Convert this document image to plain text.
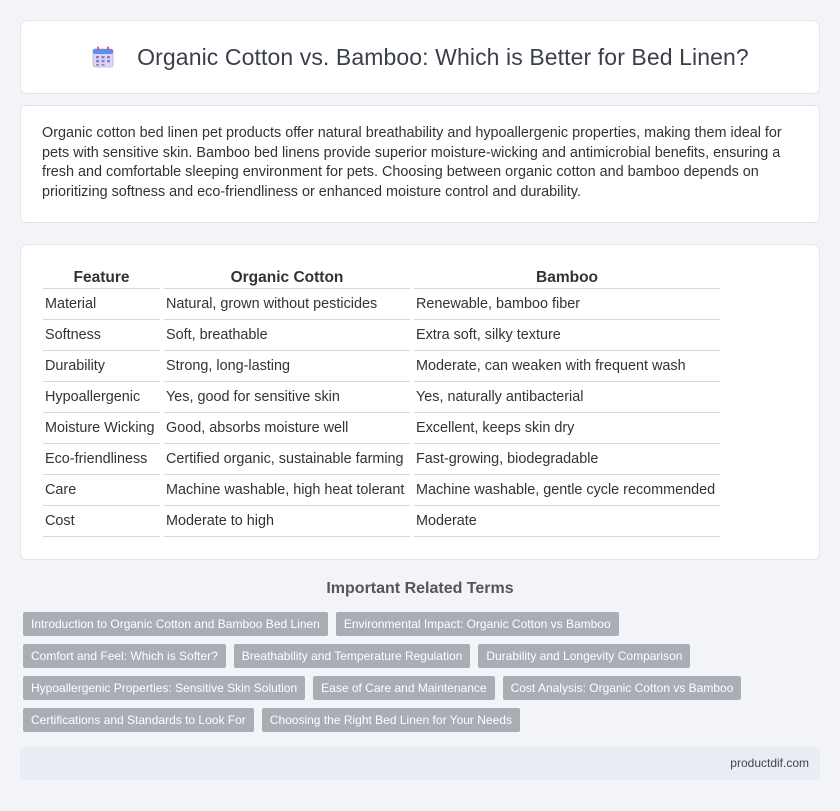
Organic Cotton vs. Bamboo: Which is Better for Bed Linen?

Organic cotton bed linen pet products offer natural breathability and hypoallergenic properties, making them ideal for pets with sensitive skin. Bamboo bed linens provide superior moisture-wicking and antimicrobial benefits, ensuring a fresh and comfortable sleeping environment for pets. Choosing between organic cotton and bamboo depends on prioritizing softness and eco-friendliness or enhanced moisture control and durability.

Feature	Organic Cotton	Bamboo
Material	Natural, grown without pesticides	Renewable, bamboo fiber
Softness	Soft, breathable	Extra soft, silky texture
Durability	Strong, long-lasting	Moderate, can weaken with frequent wash
Hypoallergenic	Yes, good for sensitive skin	Yes, naturally antibacterial
Moisture Wicking	Good, absorbs moisture well	Excellent, keeps skin dry
Eco-friendliness	Certified organic, sustainable farming	Fast-growing, biodegradable
Care	Machine washable, high heat tolerant	Machine washable, gentle cycle recommended
Cost	Moderate to high	Moderate
Important Related Terms
Introduction to Organic Cotton and Bamboo Bed Linen	Environmental Impact: Organic Cotton vs Bamboo
Comfort and Feel: Which is Softer?	Breathability and Temperature Regulation	Durability and Longevity Comparison
Hypoallergenic Properties: Sensitive Skin Solution	Ease of Care and Maintenance	Cost Analysis: Organic Cotton vs Bamboo
Certifications and Standards to Look For	Choosing the Right Bed Linen for Your Needs
productdif.com
